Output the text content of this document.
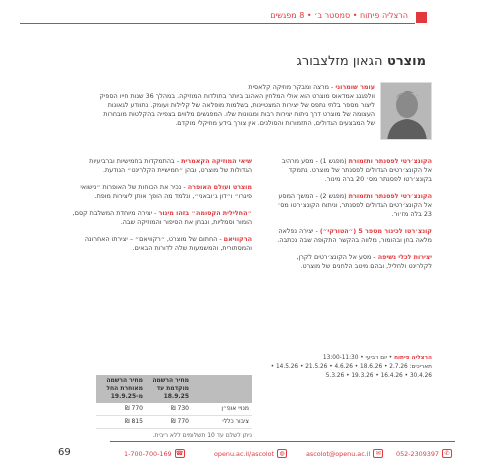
הרצליה פיתוח • סמסטר ב׳ • 8 מפגשים
מוצרט הגאון מזלצבורג
עומר שומרוני - מרצה ומבקר מוזיקה קלאסית
וולפגנג אמדאוס מוצרט הוא אולי המלחין האהוב ביותר בתולדות המוזיקה. במהלך 36 שנות חייו הספיק ליצור מספר בלתי נתפס של יצירות המצטיינות, בשלמות מופלאה של קלילות ועומק. נתוודע לגאונות העצומה של מוצרט דרך ניתוח יצירות רבות ומגוונות שלו. המפגשים מלווים בצפייה בהקלטות מובחרות של המבצעים הגדולים, התזמורות והסולנים. אין צורך בידע מוזיקלי מוקדם.
הקונצ׳רטי לפסנתר ותזמורת (מפגש 1) - מסע מרהיב אל הקונצ׳רטים הגדולים לפסנתר של מוצרט. נתמקד בקונצ׳רטו לפסנתר מס׳ 20 ברה מינור.
הקונצ׳רטי לפסנתר ותזמורת (מפגש 2) - המשך המסע אל הקונצ׳רטים הגדולים לפסנתר, וניתוח הקונצ׳רטו מס׳ 23 בלה מז׳ור.
קונצ׳רטו לכינור מספר 5 (״הטורקי״) - יצירה נפלאה מלאה בחן ובהומור, מלווה בהקשר התקופה שבה נכתבה.
יצירות לכלי נשיפה - מסע אל הקונצ׳רטים לקרן, לקלרינט ולחליל, ובהם מיטב הלחנים של מוצרט.
שיאי המוזיקה הקאמרית - בהתמקדות בחמישיות וברביעיות הגדולות של מוצרט, ובהן ״חמישיית הקלרינט״ הנודעת.
מוצרט ועולם האופרה - נכיר את הכוחות של האופרות ״נישואי פיגרו״ ו״דון ג׳ובאני״, ונלמד מה הופך אותן ליצירות מופת.
״החלילית הקסומה״ בזהו מינור - יצירה מיוחדת המשלבת קסם, הומור וסמליות, ונבחן את הסיפור והמוזיקה שבה.
הרקוויאם - החתום של מוצרט, ״רקוויאם״ – יצירתו האחרונה והמסתורית, והמשמעות שלה לדורות הבאים.
הרצליה פיתוח • יום רביעי • 13:00-11:30
תאריכים: 2.7.26 • 18.6.26 • 4.6.26 • 21.5.26 • 14.5.26 • 30.4.26 • 16.4.26 • 19.3.26 • 5.3.26
מחיר הרשמה מוקדמת עד 18.9.25
מחיר הרשמה מאוחרת החל מ-19.9.25
מנויי אופ״ן
730 ₪
770 ₪
ציבור כללי
770 ₪
815 ₪
ניתן לשלם עד 10 תשלומים ללא ריבית.
1-700-700-169 ☎	openu.ac.il/ascolot ◍	ascolot@openu.ac.il ✉	052-2309397 ✆
69
